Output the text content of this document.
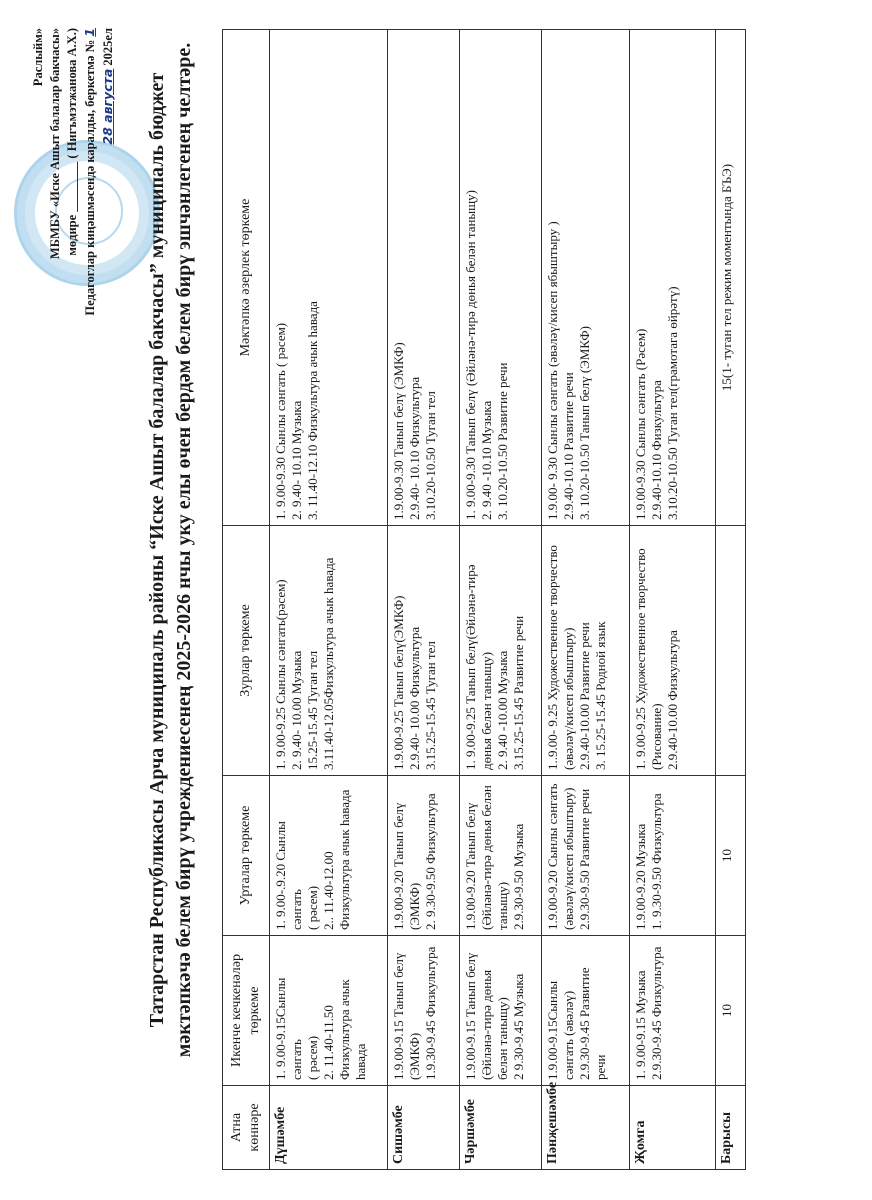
Раслыйм» МБМБУ «Иске Ашыт балалар бакчасы» мөдире ________ ( Нигъмэтжанова А.Х.) Педагоглар киңәшмәсендә каралды, беркетмә № 1
28 августа 2025ел
Татарстан Республикасы Арча муниципаль районы “Иске Ашыт балалар бакчасы” муниципаль бюджет мәктәпкәчә белем бирү учреждениесенең 2025-2026 нчы уку елы өчен бердәм белем бирү эшчәнлегенең челтәре.
Атна көннәре	Икенче кечкенәләр төркеме	Урталар төркеме	Зурлар төркеме	Мәктәпкә әзерлек төркеме
Дүшәмбе	1. 9.00-9.15Сынлы сәнгать ( рәсем) 2. 11.40-11.50 Физкультура ачык һавада	1. 9.00-.9.20 Сынлы сәнгать ( рәсем) 2.. 11.40-12.00 Физкультура ачык һавада	1. 9.00-9.25 Сынлы сәнгать(рәсем) 2. 9.40- 10.00 Музыка 15.25-15.45 Туган тел 3.11.40-12.05Физкультура ачык һавада	1. 9.00-9.30 Сынлы сәнгать ( рәсем) 2. 9.40- 10.10 Музыка 3. 11.40-12.10 Физкультура ачык һавада

Сишәмбе	1.9.00-9.15 Танып белү (ЭМКФ) 1.9.30-9.45 Физкультура	1.9.00-9.20 Танып белү (ЭМКФ) 2. 9.30-9.50 Физкультура	1.9.00-9.25 Танып белү(ЭМКФ) 2.9.40- 10.00 Физкультура 3.15.25-15.45 Туган тел	1.9.00-9.30 Танып белү (ЭМКФ) 2.9.40- 10.10 Физкультура 3.10.20-10.50 Туган тел

Чәршәмбе	1.9.00-9.15 Танып белү (Әйләнә-тирә дөнья белән таныщу) 2 9.30-9.45 Музыка	1.9.00-9.20 Танып белү (Әйләнә-тирә дөнья белән таныщу) 2.9.30-9.50 Музыка	1. 9.00-9.25 Танып белү(Әйләнә-тирә дөнья белән таныщу) 2. 9.40 -10.00 Музыка 3.15.25-15.45 Развитие речи	1. 9.00-9.30 Танып белү (Әйләнә-тирә дөнья белән таныщу) 2. 9.40 -10.10 Музыка 3. 10.20-10.50 Развитие речи

Пәнҗешәмбе	1.9.00-9.15Сынлы сәнгать (әвәләү) 2.9.30-9.45 Развитие речи	1.9.00-9.20 Сынлы сәнгать (әвәләү/кисеп ябыштыру) 2.9.30-9.50 Развитие речи	1..9.00- 9.25 Художественное творчество (әвәләү/кисеп ябыштыру) 2.9.40-10.00 Развитие речи 3. 15.25-15.45 Родной язык	1.9.00- 9.30 Сынлы сәнгать (әвәләү/кисеп ябыштыру ) 2.9.40-10.10 Развитие речи 3. 10.20-10.50 Танып белү (ЭМКФ)

Җомга	1. 9.00-9.15 Музыка 2.9.30-9.45 Физкультура	1.9.00-9.20 Музыка 1. 9.30-9.50 Физкультура	1. 9.00-9.25 Художественное творчество (Рисование) 2.9.40-10.00 Физкультура	1.9.00-9.30 Сынлы сәнгать (Рәсем) 2.9.40-10.10 Физкультура 3.10.20-10.50 Туган тел(грамотага өйрәтү)

Барысы	10	10		15(1- туган тел режим моментында БЪЭ)
